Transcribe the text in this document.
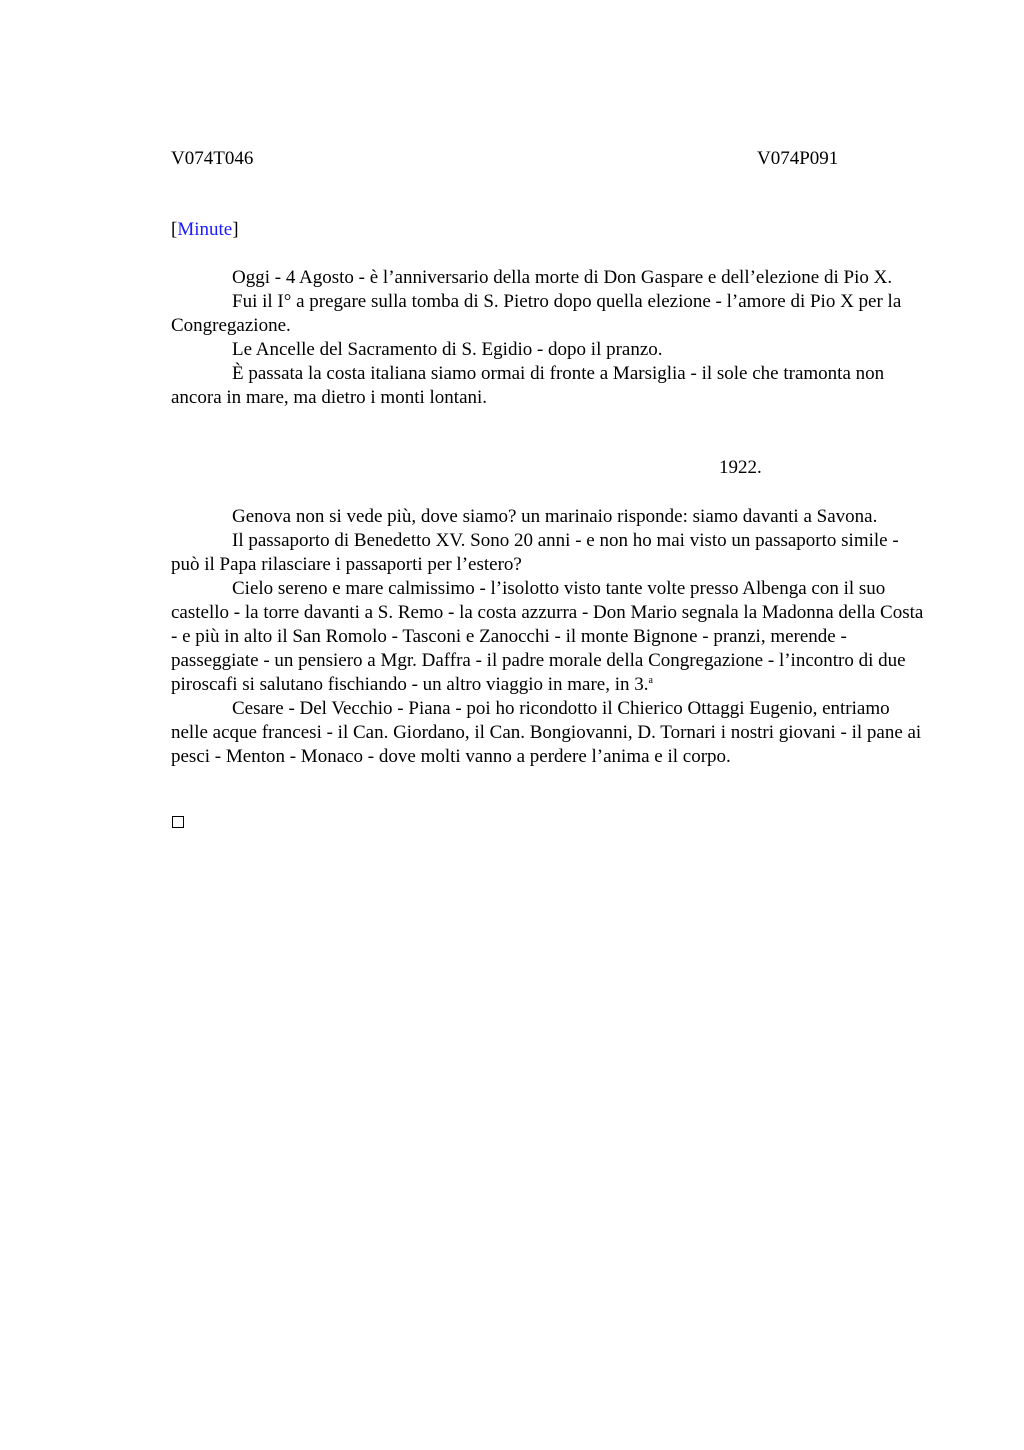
V074T046	V074P091
[Minute]

Oggi - 4 Agosto - è l’anniversario della morte di Don Gaspare e dell’elezione di Pio X.

Fui il I° a pregare sulla tomba di S. Pietro dopo quella elezione - l’amore di Pio X per la Congregazione.

Le Ancelle del Sacramento di S. Egidio - dopo il pranzo.

È passata la costa italiana siamo ormai di fronte a Marsiglia - il sole che tramonta non ancora in mare, ma dietro i monti lontani.

1922.

Genova non si vede più, dove siamo? un marinaio risponde: siamo davanti a Savona.

Il passaporto di Benedetto XV. Sono 20 anni - e non ho mai visto un passaporto simile - può il Papa rilasciare i passaporti per l’estero?

Cielo sereno e mare calmissimo - l’isolotto visto tante volte presso Albenga con il suo castello - la torre davanti a S. Remo - la costa azzurra - Don Mario segnala la Madonna della Costa - e più in alto il San Romolo - Tasconi e Zanocchi - il monte Bignone - pranzi, merende - passeggiate - un pensiero a Mgr. Daffra - il padre morale della Congregazione - l’incontro di due piroscafi si salutano fischiando - un altro viaggio in mare, in 3.$^a$

Cesare - Del Vecchio - Piana - poi ho ricondotto il Chierico Ottaggi Eugenio, entriamo nelle acque francesi - il Can. Giordano, il Can. Bongiovanni, D. Tornari i nostri giovani - il pane ai pesci - Menton - Monaco - dove molti vanno a perdere l’anima e il corpo.
